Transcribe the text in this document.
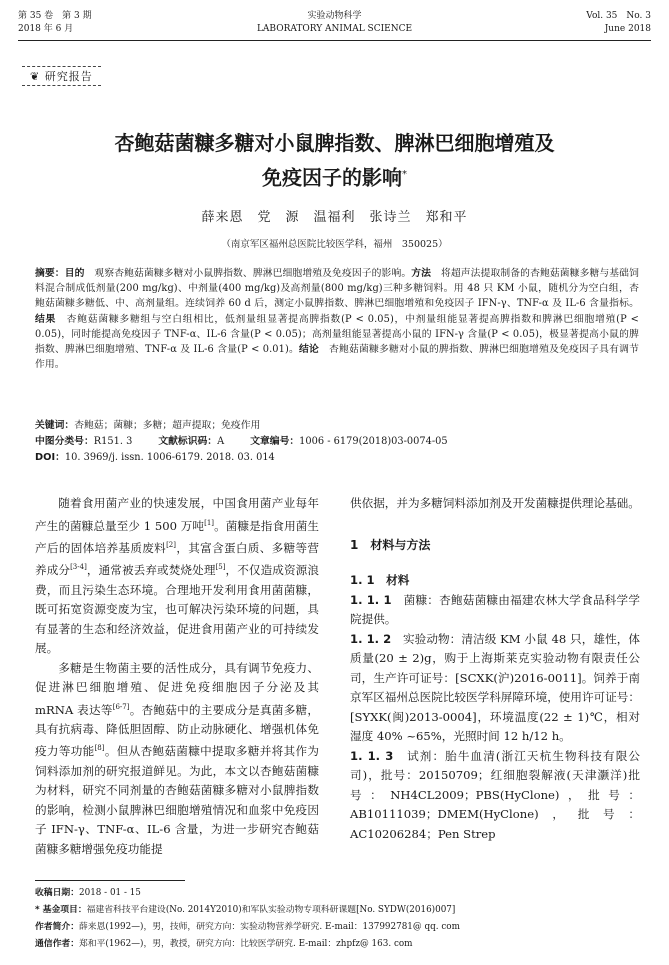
第 35 卷　第 3 期
2018 年 6 月
实验动物科学
LABORATORY ANIMAL SCIENCE
Vol. 35　No. 3
June 2018
❦ 研究报告
杏鲍菇菌糠多糖对小鼠脾指数、脾淋巴细胞增殖及
免疫因子的影响*
薛来恩　党　源　温福利　张诗兰　郑和平
（南京军区福州总医院比较医学科，福州　350025）
摘要：目的　观察杏鲍菇菌糠多糖对小鼠脾指数、脾淋巴细胞增殖及免疫因子的影响。方法　将超声法提取制备的杏鲍菇菌糠多糖与基础饲料混合制成低剂量(200 mg/kg)、中剂量(400 mg/kg)及高剂量(800 mg/kg)三种多糖饲料。用 48 只 KM 小鼠，随机分为空白组，杏鲍菇菌糠多糖低、中、高剂量组。连续饲养 60 d 后，测定小鼠脾指数、脾淋巴细胞增殖和免疫因子 IFN-γ、TNF-α 及 IL-6 含量指标。结果　杏鲍菇菌糠多糖组与空白组相比，低剂量组显著提高脾指数(P < 0.05)，中剂量组能显著提高脾指数和脾淋巴细胞增殖(P < 0.05)，同时能提高免疫因子 TNF-α、IL-6 含量(P < 0.05)；高剂量组能显著提高小鼠的 IFN-γ 含量(P < 0.05)，极显著提高小鼠的脾指数、脾淋巴细胞增殖、TNF-α 及 IL-6 含量(P < 0.01)。结论　杏鲍菇菌糠多糖对小鼠的脾指数、脾淋巴细胞增殖及免疫因子具有调节作用。
关键词：杏鲍菇；菌糠；多糖；超声提取；免疫作用
中图分类号：R151. 3	文献标识码：A	文章编号：1006 - 6179(2018)03-0074-05
DOI：10. 3969/j. issn. 1006-6179. 2018. 03. 014

随着食用菌产业的快速发展，中国食用菌产业每年产生的菌糠总量至少 1 500 万吨[1]。菌糠是指食用菌生产后的固体培养基质废料[2]，其富含蛋白质、多糖等营养成分[3-4]，通常被丢弃或焚烧处理[5]，不仅造成资源浪费，而且污染生态环境。合理地开发利用食用菌菌糠，既可拓宽资源变废为宝，也可解决污染环境的问题，具有显著的生态和经济效益，促进食用菌产业的可持续发展。

多糖是生物菌主要的活性成分，具有调节免疫力、促进淋巴细胞增殖、促进免疫细胞因子分泌及其 mRNA 表达等[6-7]。杏鲍菇中的主要成分是真菌多糖，具有抗病毒、降低胆固醇、防止动脉硬化、增强机体免疫力等功能[8]。但从杏鲍菇菌糠中提取多糖并将其作为饲料添加剂的研究报道鲜见。为此，本文以杏鲍菇菌糠为材料，研究不同剂量的杏鲍菇菌糠多糖对小鼠脾指数的影响，检测小鼠脾淋巴细胞增殖情况和血浆中免疫因子 IFN-γ、TNF-α、IL-6 含量，为进一步研究杏鲍菇菌糠多糖增强免疫功能提

供依据，并为多糖饲料添加剂及开发菌糠提供理论基础。

1　材料与方法
1. 1　材料

1. 1. 1　菌糠：杏鲍菇菌糠由福建农林大学食品科学学院提供。

1. 1. 2　实验动物：清洁级 KM 小鼠 48 只，雄性，体质量(20 ± 2)g，购于上海斯莱克实验动物有限责任公司，生产许可证号：[SCXK(沪)2016-0011]。饲养于南京军区福州总医院比较医学科屏障环境，使用许可证号：[SYXK(闽)2013-0004]，环境温度(22 ± 1)℃，相对湿度 40% ~65%，光照时间 12 h/12 h。

1. 1. 3　试剂：胎牛血清(浙江天杭生物科技有限公司)，批号：20150709；红细胞裂解液(天津灏洋)批号：NH4CL2009；PBS(HyClone)，批号：AB10111039；DMEM(HyClone)，批号：AC10206284；Pen Strep

收稿日期：2018 - 01 - 15
* 基金项目：福建省科技平台建设(No. 2014Y2010)和军队实验动物专项科研课题[No. SYDW(2016)007]
作者简介：薛来恩(1992—)，男，技师，研究方向：实验动物营养学研究. E-mail：137992781@ qq. com
通信作者：郑和平(1962—)，男，教授，研究方向：比较医学研究. E-mail：zhpfz@ 163. com
